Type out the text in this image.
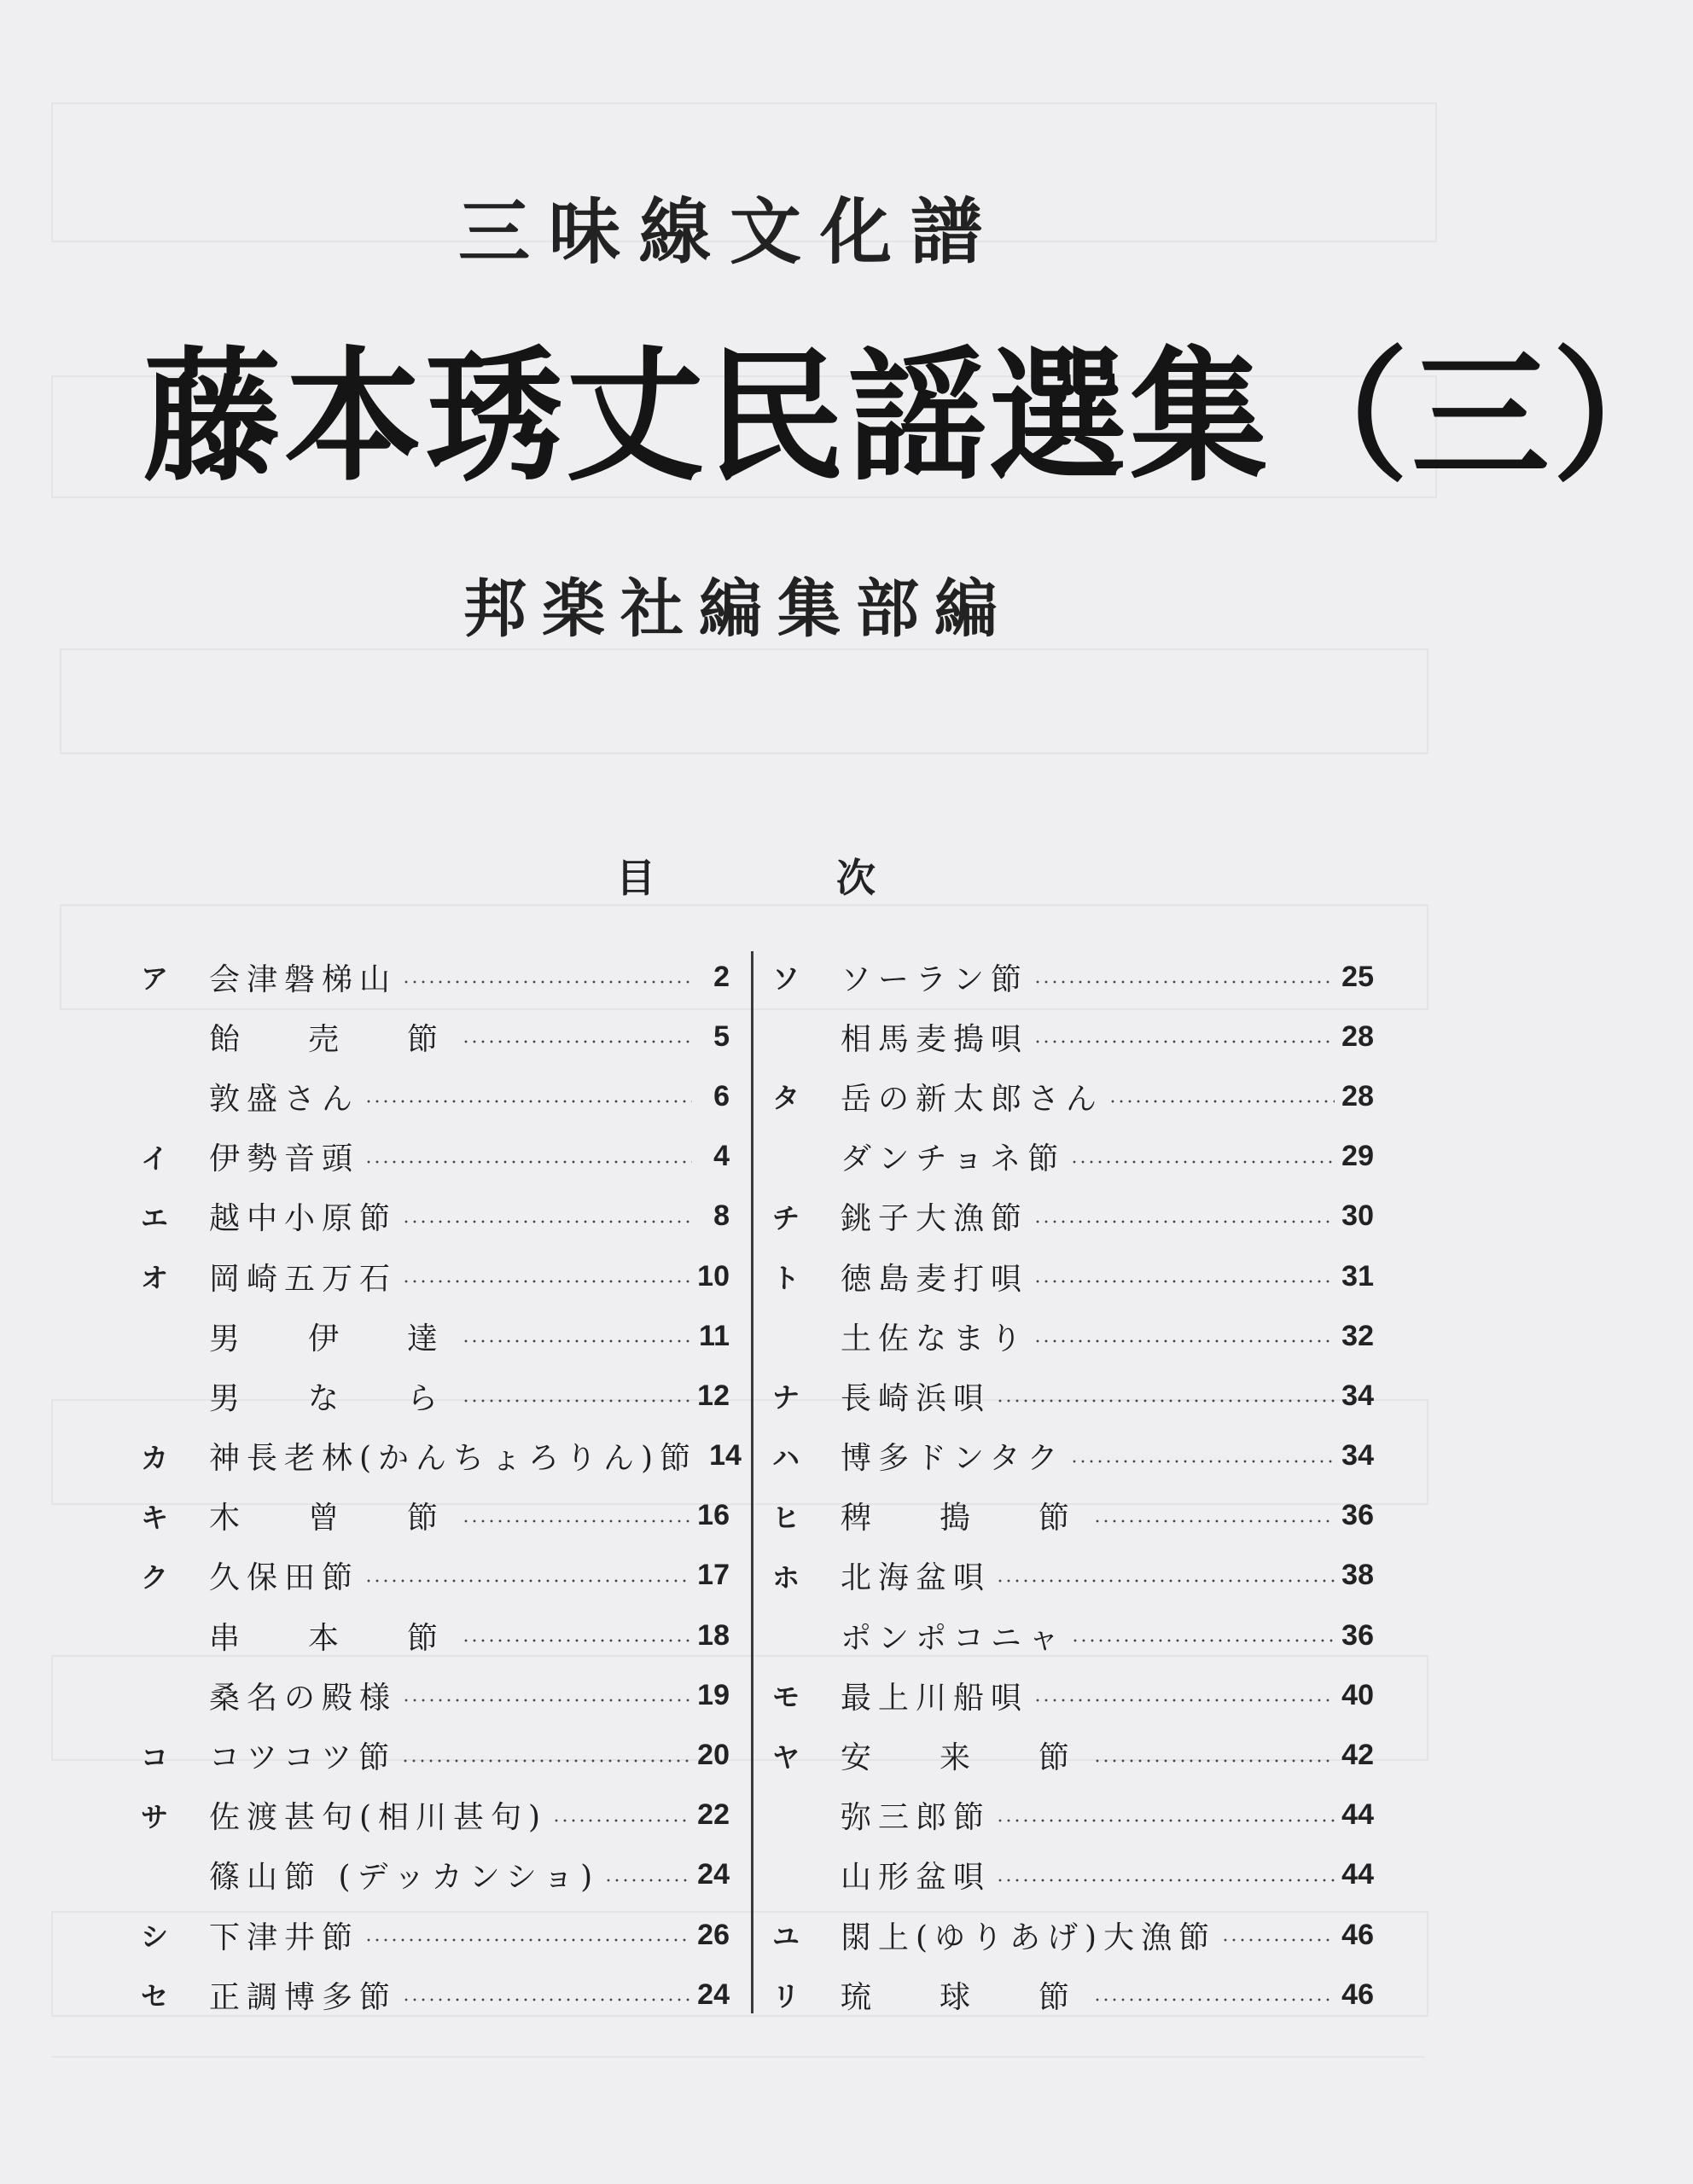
三味線文化譜
藤本琇丈民謡選集（三）
邦楽社編集部編
目	次
ア	会津磐梯山	2
飴　売　節	5
敦盛さん	6
イ	伊勢音頭	4
エ	越中小原節	8
オ	岡崎五万石	10
男　伊　達	11
男　な　ら	12
カ	神長老林(かんちょろりん)節 14
キ	木　曾　節	16
ク	久保田節	17
串　本　節	18
桑名の殿様	19
コ	コツコツ節	20
サ	佐渡甚句(相川甚句)	22
篠山節 (デッカンショ)	24
シ	下津井節	26
セ	正調博多節	24
ソ	ソーラン節	25
相馬麦搗唄	28
タ	岳の新太郎さん	28
ダンチョネ節	29
チ	銚子大漁節	30
ト	徳島麦打唄	31
土佐なまり	32
ナ	長崎浜唄	34
ハ	博多ドンタク	34
ヒ	稗　搗　節	36
ホ	北海盆唄	38
ポンポコニャ	36
モ	最上川船唄	40
ヤ	安　来　節	42
弥三郎節	44
山形盆唄	44
ユ	閖上(ゆりあげ)大漁節	46
リ	琉　球　節	46
